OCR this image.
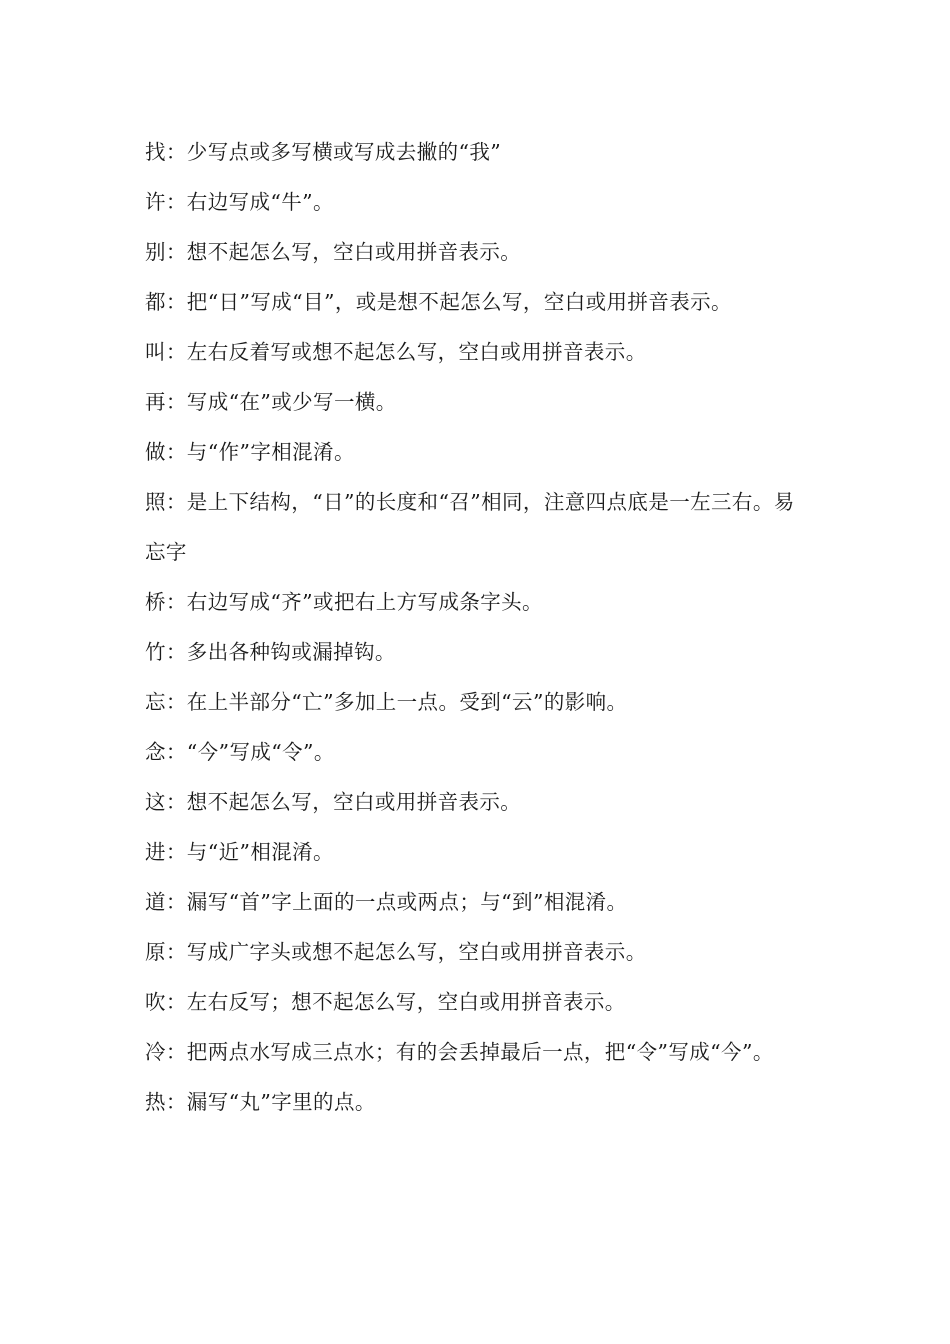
找：少写点或多写横或写成去撇的“我”

许：右边写成“牛”。

别：想不起怎么写，空白或用拼音表示。

都：把“日”写成“目”，或是想不起怎么写，空白或用拼音表示。

叫：左右反着写或想不起怎么写，空白或用拼音表示。

再：写成“在”或少写一横。

做：与“作”字相混淆。

照：是上下结构，“日”的长度和“召”相同，注意四点底是一左三右。易忘字

桥：右边写成“齐”或把右上方写成条字头。

竹：多出各种钩或漏掉钩。

忘：在上半部分“亡”多加上一点。受到“云”的影响。

念：“今”写成“令”。

这：想不起怎么写，空白或用拼音表示。

进：与“近”相混淆。

道：漏写“首”字上面的一点或两点；与“到”相混淆。

原：写成广字头或想不起怎么写，空白或用拼音表示。

吹：左右反写；想不起怎么写，空白或用拼音表示。

冷：把两点水写成三点水；有的会丢掉最后一点，把“令”写成“今”。

热：漏写“丸”字里的点。
